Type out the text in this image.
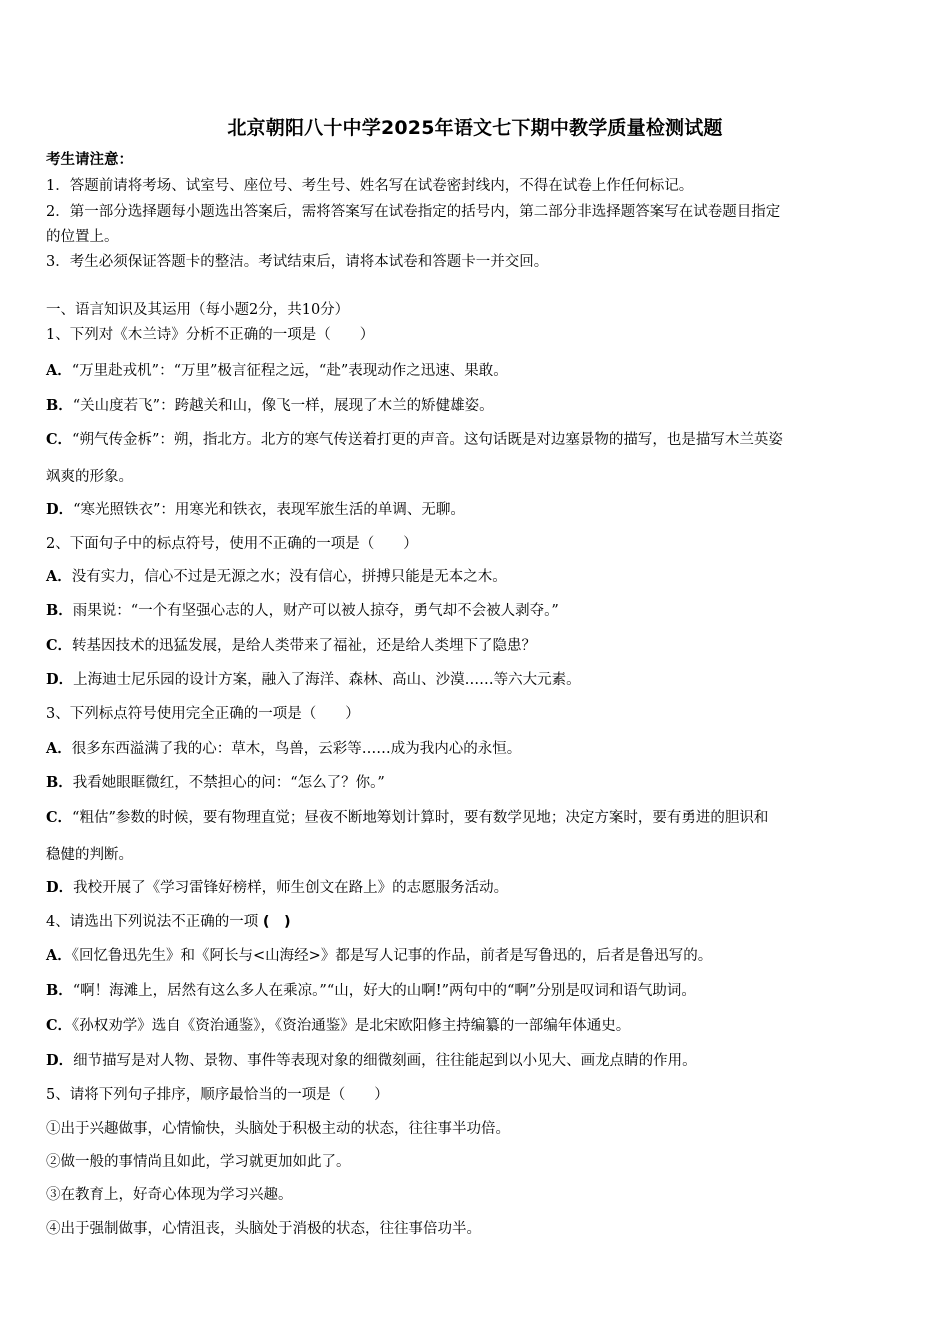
北京朝阳八十中学2025年语文七下期中教学质量检测试题
考生请注意：
1．答题前请将考场、试室号、座位号、考生号、姓名写在试卷密封线内，不得在试卷上作任何标记。
2．第一部分选择题每小题选出答案后，需将答案写在试卷指定的括号内，第二部分非选择题答案写在试卷题目指定
的位置上。
3．考生必须保证答题卡的整洁。考试结束后，请将本试卷和答题卡一并交回。
一、语言知识及其运用（每小题2分，共10分）
1、下列对《木兰诗》分析不正确的一项是（　　）
A．“万里赴戎机”：“万里”极言征程之远，“赴”表现动作之迅速、果敢。
B．“关山度若飞”：跨越关和山，像飞一样，展现了木兰的矫健雄姿。
C．“朔气传金柝”：朔，指北方。北方的寒气传送着打更的声音。这句话既是对边塞景物的描写，也是描写木兰英姿
飒爽的形象。
D．“寒光照铁衣”：用寒光和铁衣，表现军旅生活的单调、无聊。
2、下面句子中的标点符号，使用不正确的一项是（　　）
A．没有实力，信心不过是无源之水；没有信心，拼搏只能是无本之木。
B．雨果说：“一个有坚强心志的人，财产可以被人掠夺，勇气却不会被人剥夺。”
C．转基因技术的迅猛发展，是给人类带来了福祉，还是给人类埋下了隐患？
D．上海迪士尼乐园的设计方案，融入了海洋、森林、高山、沙漠……等六大元素。
3、下列标点符号使用完全正确的一项是（　　）
A．很多东西溢满了我的心：草木，鸟兽，云彩等……成为我内心的永恒。
B．我看她眼眶微红，不禁担心的问：“怎么了？你。”
C．“粗估”参数的时候，要有物理直觉；昼夜不断地筹划计算时，要有数学见地；决定方案时，要有勇进的胆识和
稳健的判断。
D．我校开展了《学习雷锋好榜样，师生创文在路上》的志愿服务活动。
4、请选出下列说法不正确的一项 (　)
A．《回忆鲁迅先生》和《阿长与<山海经>》都是写人记事的作品，前者是写鲁迅的，后者是鲁迅写的。
B．“啊！海滩上，居然有这么多人在乘凉。”“山，好大的山啊!”两句中的“啊”分别是叹词和语气助词。
C．《孙权劝学》选自《资治通鉴》，《资治通鉴》是北宋欧阳修主持编纂的一部编年体通史。
D．细节描写是对人物、景物、事件等表现对象的细微刻画，往往能起到以小见大、画龙点睛的作用。
5、请将下列句子排序，顺序最恰当的一项是（　　）
①出于兴趣做事，心情愉快，头脑处于积极主动的状态，往往事半功倍。
②做一般的事情尚且如此，学习就更加如此了。
③在教育上，好奇心体现为学习兴趣。
④出于强制做事，心情沮丧，头脑处于消极的状态，往往事倍功半。
